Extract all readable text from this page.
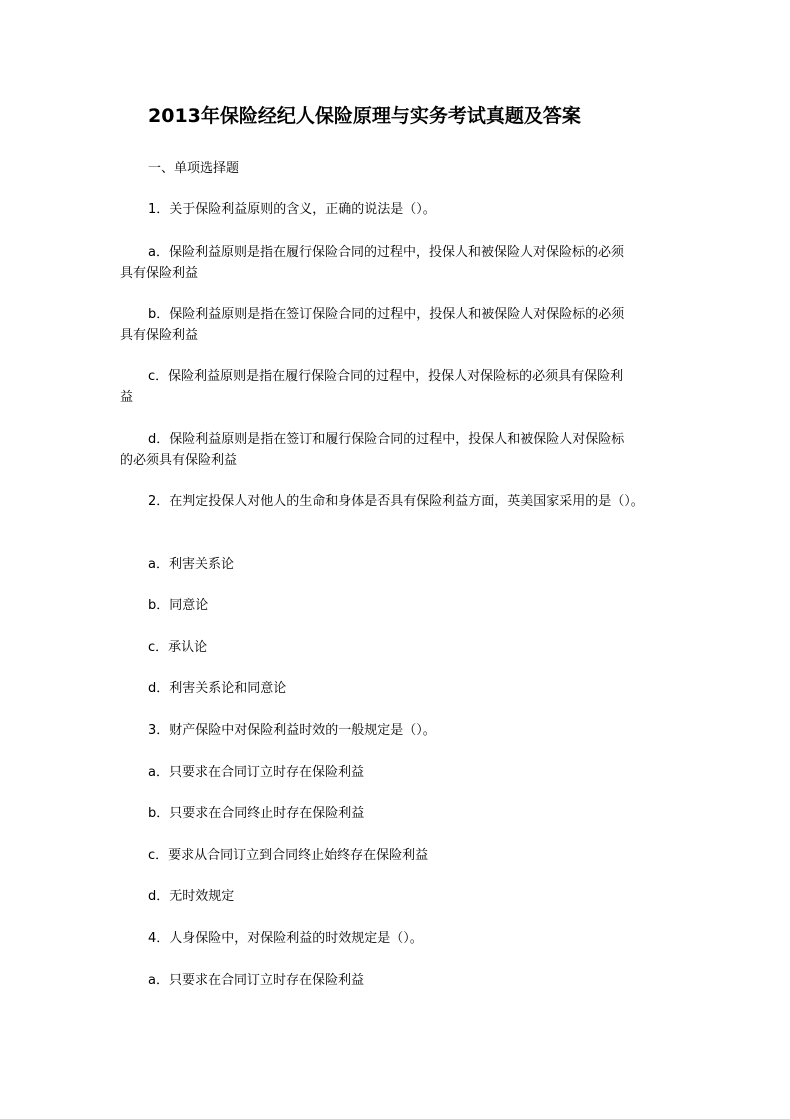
2013年保险经纪人保险原理与实务考试真题及答案
一、单项选择题
1．关于保险利益原则的含义，正确的说法是（）。
a．保险利益原则是指在履行保险合同的过程中，投保人和被保险人对保险标的必须
具有保险利益
b．保险利益原则是指在签订保险合同的过程中，投保人和被保险人对保险标的必须
具有保险利益
c．保险利益原则是指在履行保险合同的过程中，投保人对保险标的必须具有保险利
益
d．保险利益原则是指在签订和履行保险合同的过程中，投保人和被保险人对保险标
的必须具有保险利益
2．在判定投保人对他人的生命和身体是否具有保险利益方面，英美国家采用的是（）。
a．利害关系论
b．同意论
c．承认论
d．利害关系论和同意论
3．财产保险中对保险利益时效的一般规定是（）。
a．只要求在合同订立时存在保险利益
b．只要求在合同终止时存在保险利益
c．要求从合同订立到合同终止始终存在保险利益
d．无时效规定
4．人身保险中，对保险利益的时效规定是（）。
a．只要求在合同订立时存在保险利益
